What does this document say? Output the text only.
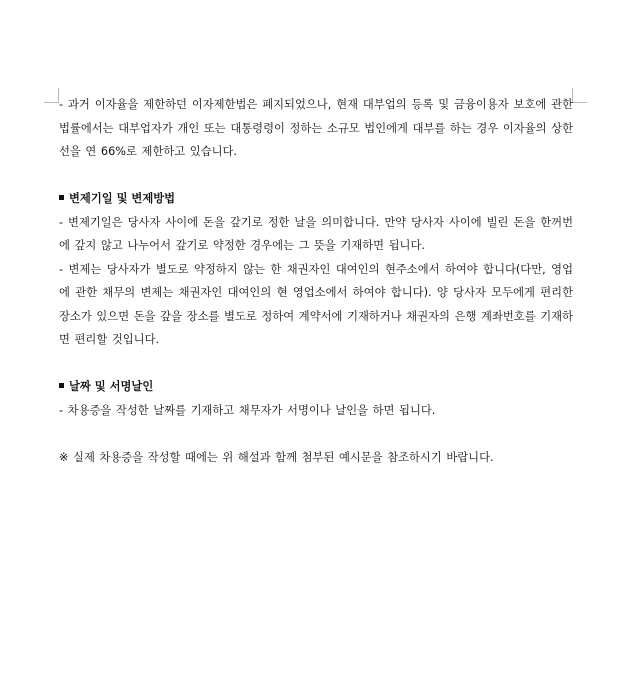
- 과거 이자율을 제한하던 이자제한법은 폐지되었으나, 현재 대부업의 등록 및 금융이용자 보호에 관한 법률에서는 대부업자가 개인 또는 대통령령이 정하는 소규모 법인에게 대부를 하는 경우 이자율의 상한선을 연 66%로 제한하고 있습니다.

변제기일 및 변제방법

- 변제기일은 당사자 사이에 돈을 갚기로 정한 날을 의미합니다. 만약 당사자 사이에 빌린 돈을 한꺼번에 갚지 않고 나누어서 갚기로 약정한 경우에는 그 뜻을 기재하면 됩니다.

- 변제는 당사자가 별도로 약정하지 않는 한 채권자인 대여인의 현주소에서 하여야 합니다(다만, 영업에 관한 채무의 변제는 채권자인 대여인의 현 영업소에서 하여야 합니다). 양 당사자 모두에게 편리한 장소가 있으면 돈을 갚을 장소를 별도로 정하여 계약서에 기재하거나 채권자의 은행 계좌번호를 기재하면 편리할 것입니다.

날짜 및 서명날인

- 차용증을 작성한 날짜를 기재하고 채무자가 서명이나 날인을 하면 됩니다.

※ 실제 차용증을 작성할 때에는 위 해설과 함께 첨부된 예시문을 참조하시기 바랍니다.
